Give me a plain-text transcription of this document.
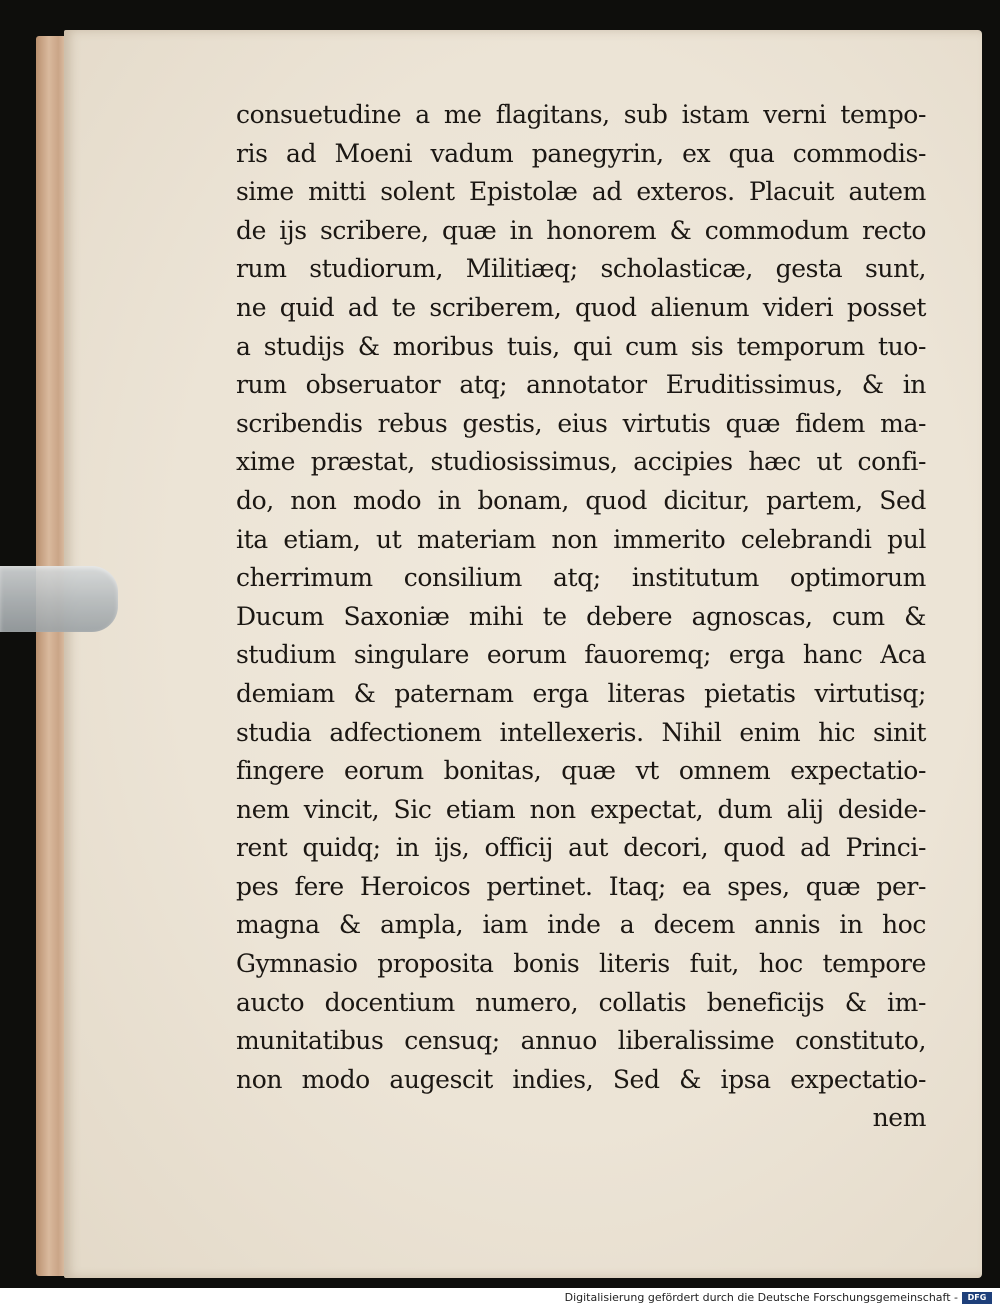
consuetudine a me flagitans, sub istam verni tempo-
ris ad Moeni vadum panegyrin, ex qua commodis-
sime mitti solent Epistolæ ad exteros. Placuit autem
de ijs scribere, quæ in honorem & commodum recto
rum studiorum, Militiæq; scholasticæ, gesta sunt,
ne quid ad te scriberem, quod alienum videri posset
a studijs & moribus tuis, qui cum sis temporum tuo-
rum obseruator atq; annotator Eruditissimus, & in
scribendis rebus gestis, eius virtutis quæ fidem ma-
xime præstat, studiosissimus, accipies hæc ut confi-
do, non modo in bonam, quod dicitur, partem, Sed
ita etiam, ut materiam non immerito celebrandi pul
cherrimum consilium atq; institutum optimorum
Ducum Saxoniæ mihi te debere agnoscas, cum &
studium singulare eorum fauoremq; erga hanc Aca
demiam & paternam erga literas pietatis virtutisq;
studia adfectionem intellexeris. Nihil enim hic sinit
fingere eorum bonitas, quæ vt omnem expectatio-
nem vincit, Sic etiam non expectat, dum alij deside-
rent quidq; in ijs, officij aut decori, quod ad Princi-
pes fere Heroicos pertinet. Itaq; ea spes, quæ per-
magna & ampla, iam inde a decem annis in hoc
Gymnasio proposita bonis literis fuit, hoc tempore
aucto docentium numero, collatis beneficijs & im-
munitatibus censuq; annuo liberalissime constituto,
non modo augescit indies, Sed & ipsa expectatio-
nem
Digitalisierung gefördert durch die Deutsche Forschungsgemeinschaft -	DFG
